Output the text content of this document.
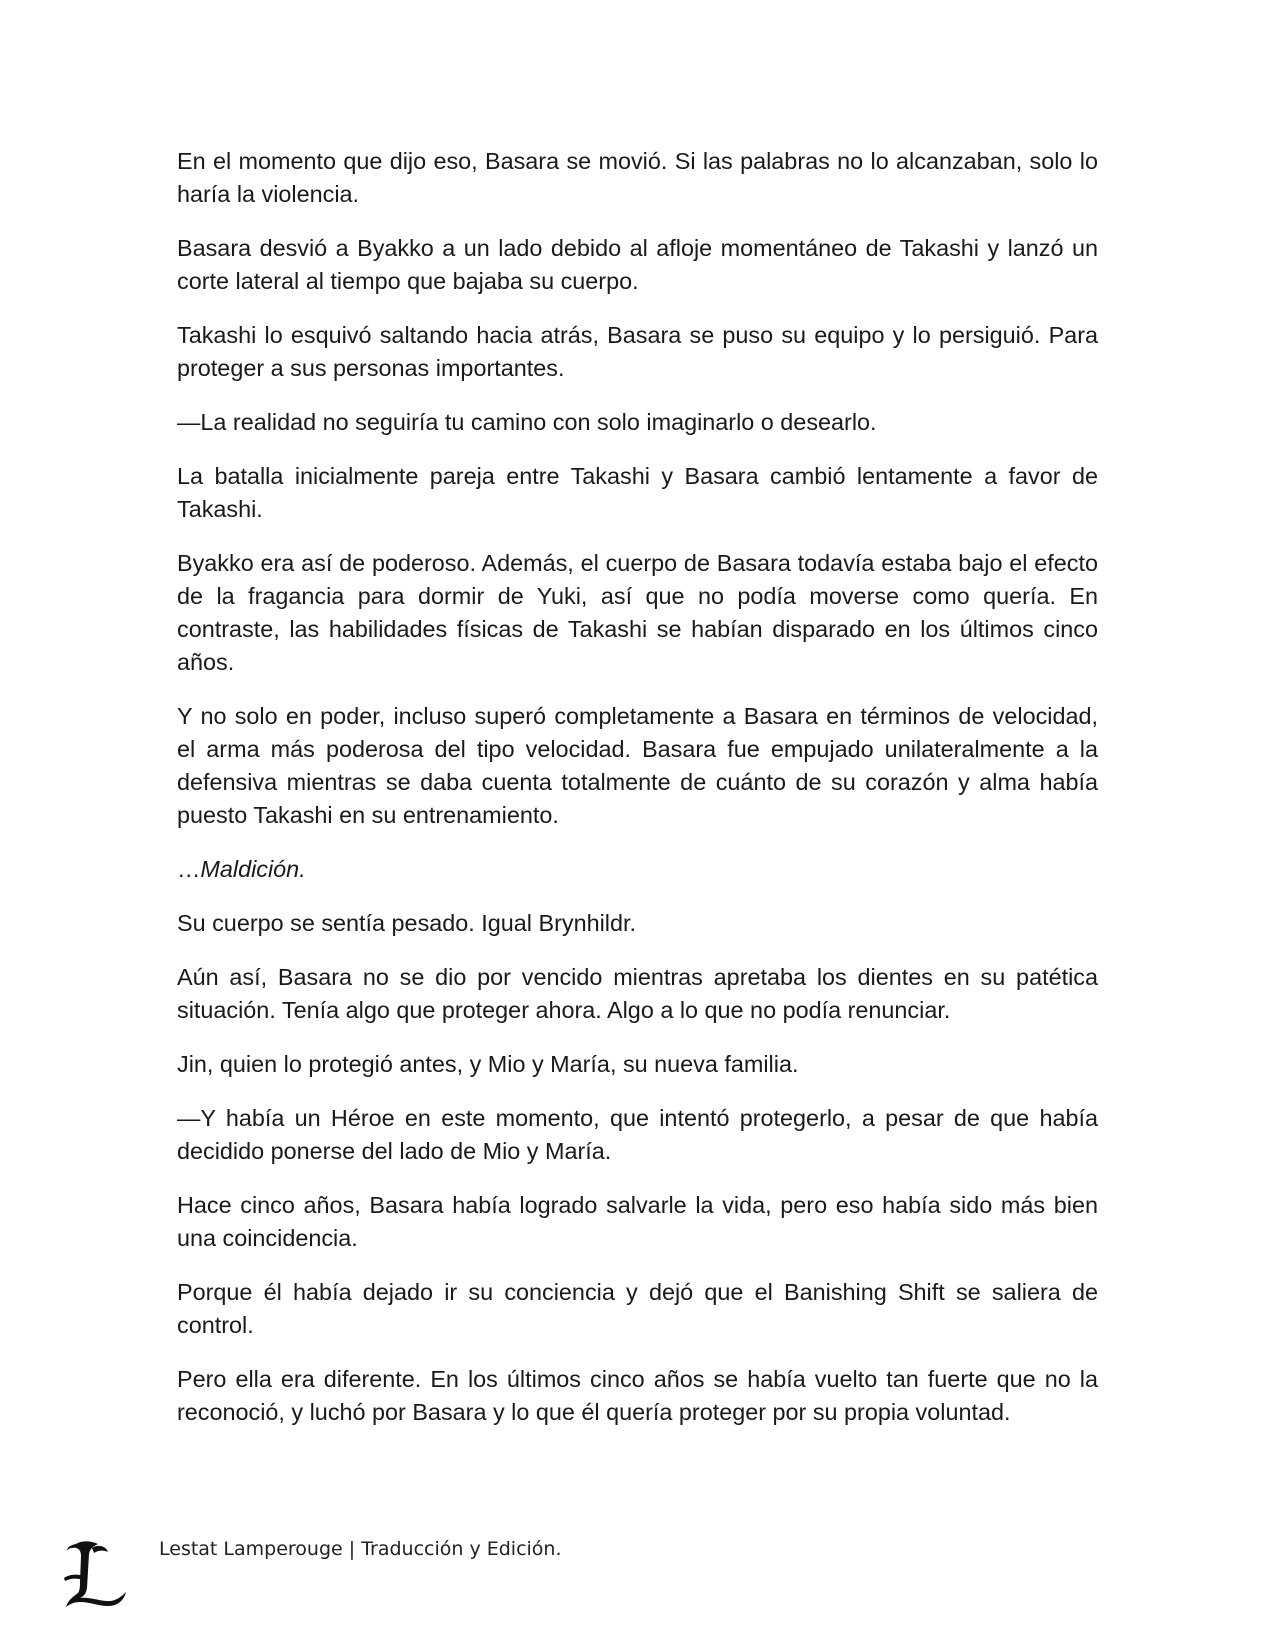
En el momento que dijo eso, Basara se movió. Si las palabras no lo alcanzaban, solo lo haría la violencia.

Basara desvió a Byakko a un lado debido al afloje momentáneo de Takashi y lanzó un corte lateral al tiempo que bajaba su cuerpo.

Takashi lo esquivó saltando hacia atrás, Basara se puso su equipo y lo persiguió. Para proteger a sus personas importantes.

—La realidad no seguiría tu camino con solo imaginarlo o desearlo.

La batalla inicialmente pareja entre Takashi y Basara cambió lentamente a favor de Takashi.

Byakko era así de poderoso. Además, el cuerpo de Basara todavía estaba bajo el efecto de la fragancia para dormir de Yuki, así que no podía moverse como quería. En contraste, las habilidades físicas de Takashi se habían disparado en los últimos cinco años.

Y no solo en poder, incluso superó completamente a Basara en términos de velocidad, el arma más poderosa del tipo velocidad. Basara fue empujado unilateralmente a la defensiva mientras se daba cuenta totalmente de cuánto de su corazón y alma había puesto Takashi en su entrenamiento.

…Maldición.

Su cuerpo se sentía pesado. Igual Brynhildr.

Aún así, Basara no se dio por vencido mientras apretaba los dientes en su patética situación. Tenía algo que proteger ahora. Algo a lo que no podía renunciar.

Jin, quien lo protegió antes, y Mio y María, su nueva familia.

—Y había un Héroe en este momento, que intentó protegerlo, a pesar de que había decidido ponerse del lado de Mio y María.

Hace cinco años, Basara había logrado salvarle la vida, pero eso había sido más bien una coincidencia.

Porque él había dejado ir su conciencia y dejó que el Banishing Shift se saliera de control.

Pero ella era diferente. En los últimos cinco años se había vuelto tan fuerte que no la reconoció, y luchó por Basara y lo que él quería proteger por su propia voluntad.

Lestat Lamperouge | Traducción y Edición.
